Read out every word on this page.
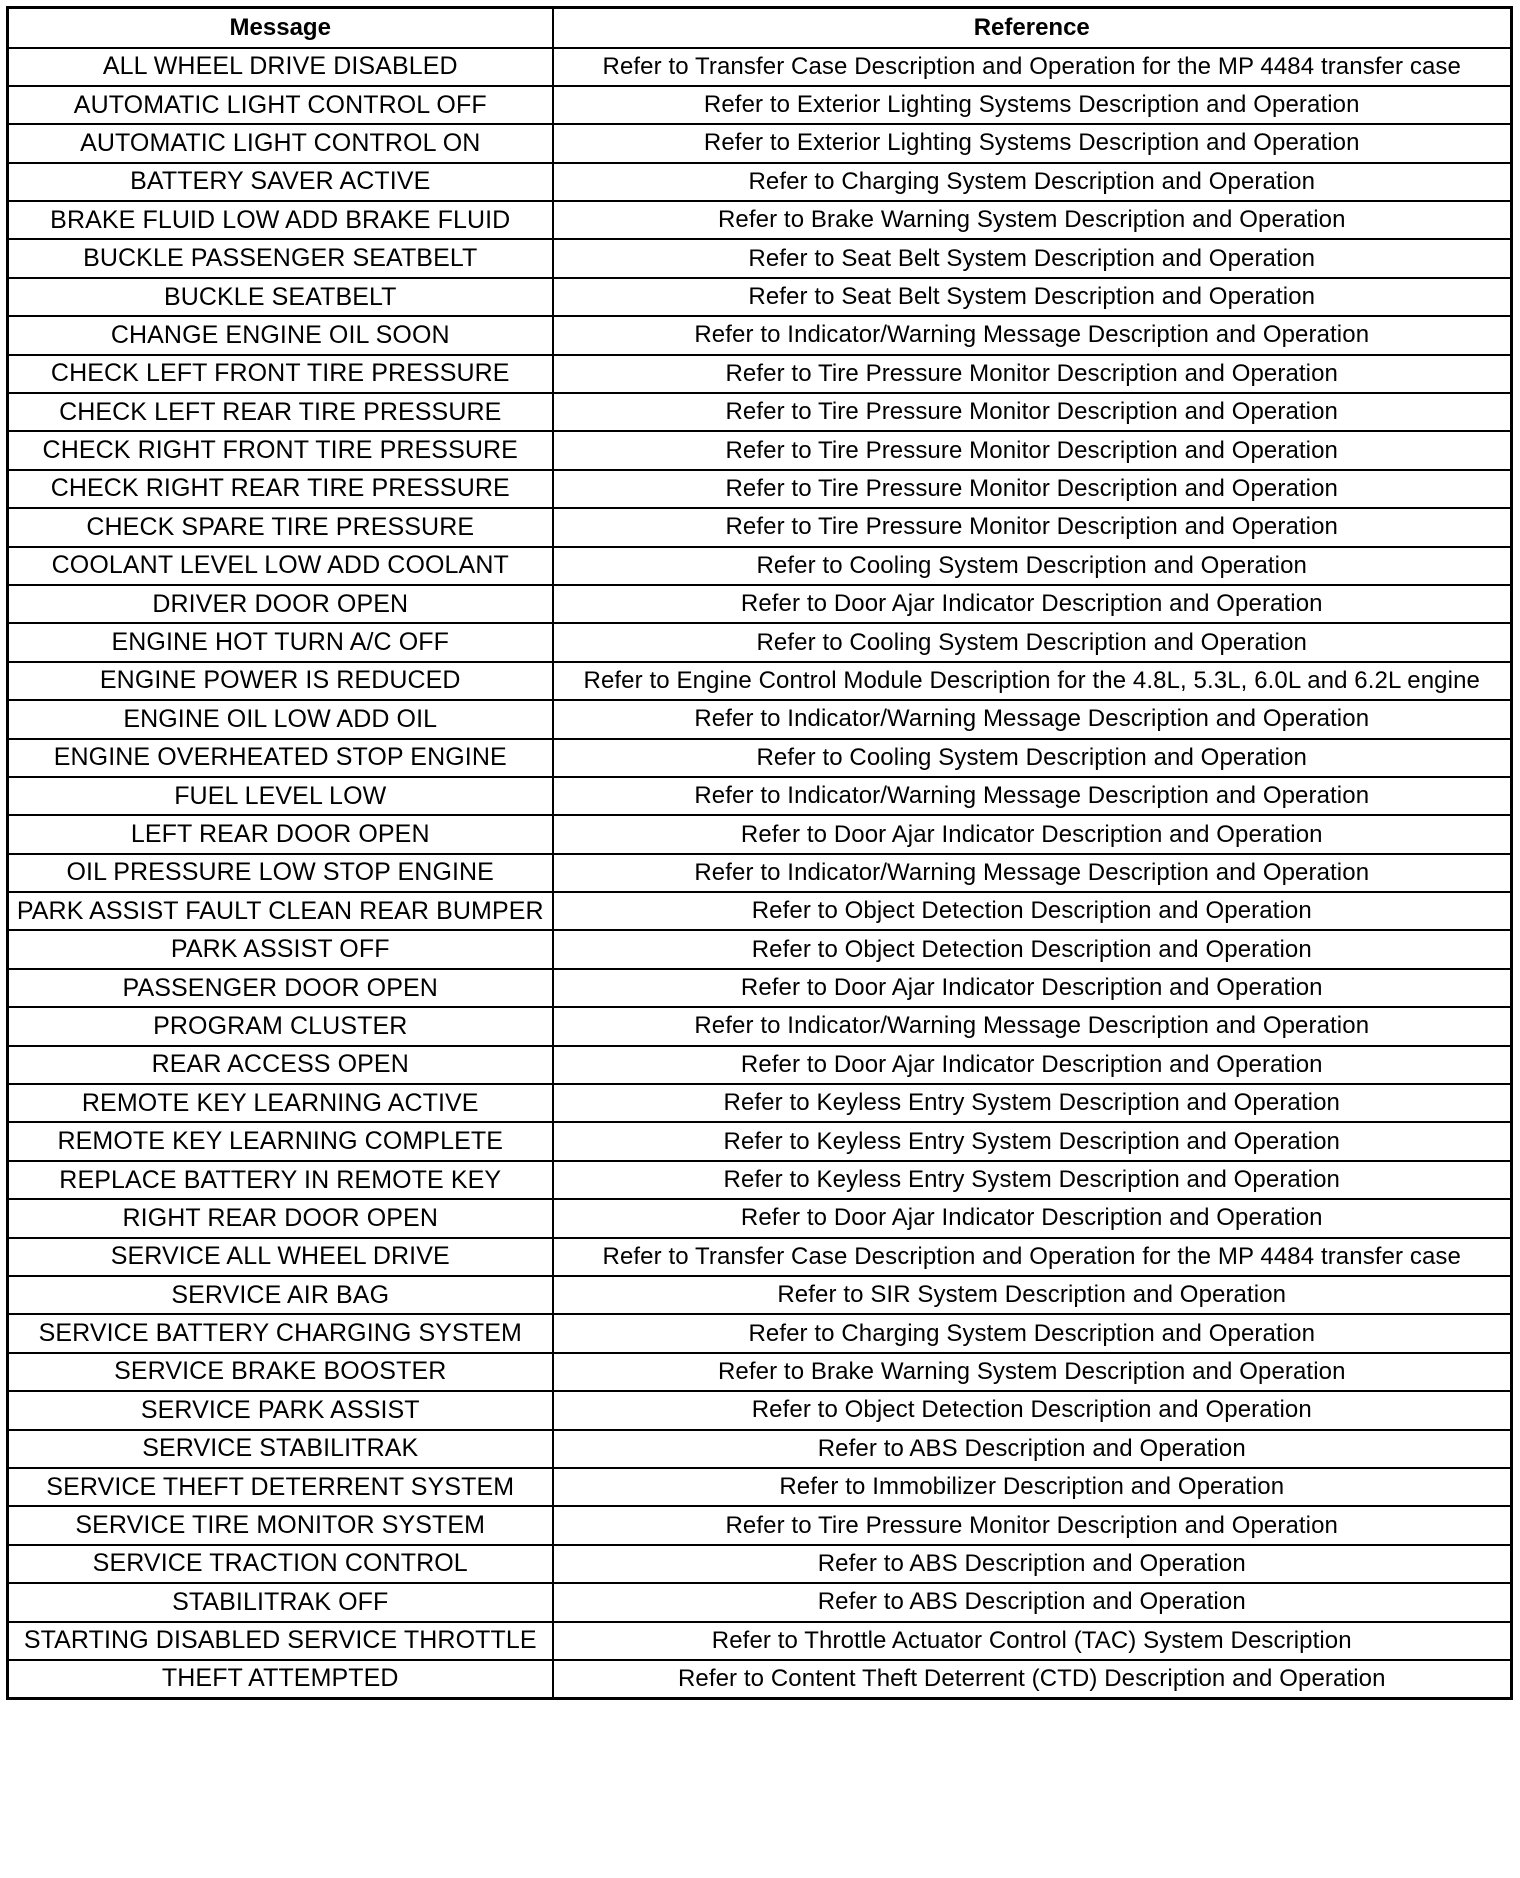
Message	Reference
ALL WHEEL DRIVE DISABLED	Refer to Transfer Case Description and Operation for the MP 4484 transfer case
AUTOMATIC LIGHT CONTROL OFF	Refer to Exterior Lighting Systems Description and Operation
AUTOMATIC LIGHT CONTROL ON	Refer to Exterior Lighting Systems Description and Operation
BATTERY SAVER ACTIVE	Refer to Charging System Description and Operation
BRAKE FLUID LOW ADD BRAKE FLUID	Refer to Brake Warning System Description and Operation
BUCKLE PASSENGER SEATBELT	Refer to Seat Belt System Description and Operation
BUCKLE SEATBELT	Refer to Seat Belt System Description and Operation
CHANGE ENGINE OIL SOON	Refer to Indicator/Warning Message Description and Operation
CHECK LEFT FRONT TIRE PRESSURE	Refer to Tire Pressure Monitor Description and Operation
CHECK LEFT REAR TIRE PRESSURE	Refer to Tire Pressure Monitor Description and Operation
CHECK RIGHT FRONT TIRE PRESSURE	Refer to Tire Pressure Monitor Description and Operation
CHECK RIGHT REAR TIRE PRESSURE	Refer to Tire Pressure Monitor Description and Operation
CHECK SPARE TIRE PRESSURE	Refer to Tire Pressure Monitor Description and Operation
COOLANT LEVEL LOW ADD COOLANT	Refer to Cooling System Description and Operation
DRIVER DOOR OPEN	Refer to Door Ajar Indicator Description and Operation
ENGINE HOT TURN A/C OFF	Refer to Cooling System Description and Operation
ENGINE POWER IS REDUCED	Refer to Engine Control Module Description for the 4.8L, 5.3L, 6.0L and 6.2L engine
ENGINE OIL LOW ADD OIL	Refer to Indicator/Warning Message Description and Operation
ENGINE OVERHEATED STOP ENGINE	Refer to Cooling System Description and Operation
FUEL LEVEL LOW	Refer to Indicator/Warning Message Description and Operation
LEFT REAR DOOR OPEN	Refer to Door Ajar Indicator Description and Operation
OIL PRESSURE LOW STOP ENGINE	Refer to Indicator/Warning Message Description and Operation
PARK ASSIST FAULT CLEAN REAR BUMPER	Refer to Object Detection Description and Operation
PARK ASSIST OFF	Refer to Object Detection Description and Operation
PASSENGER DOOR OPEN	Refer to Door Ajar Indicator Description and Operation
PROGRAM CLUSTER	Refer to Indicator/Warning Message Description and Operation
REAR ACCESS OPEN	Refer to Door Ajar Indicator Description and Operation
REMOTE KEY LEARNING ACTIVE	Refer to Keyless Entry System Description and Operation
REMOTE KEY LEARNING COMPLETE	Refer to Keyless Entry System Description and Operation
REPLACE BATTERY IN REMOTE KEY	Refer to Keyless Entry System Description and Operation
RIGHT REAR DOOR OPEN	Refer to Door Ajar Indicator Description and Operation
SERVICE ALL WHEEL DRIVE	Refer to Transfer Case Description and Operation for the MP 4484 transfer case
SERVICE AIR BAG	Refer to SIR System Description and Operation
SERVICE BATTERY CHARGING SYSTEM	Refer to Charging System Description and Operation
SERVICE BRAKE BOOSTER	Refer to Brake Warning System Description and Operation
SERVICE PARK ASSIST	Refer to Object Detection Description and Operation
SERVICE STABILITRAK	Refer to ABS Description and Operation
SERVICE THEFT DETERRENT SYSTEM	Refer to Immobilizer Description and Operation
SERVICE TIRE MONITOR SYSTEM	Refer to Tire Pressure Monitor Description and Operation
SERVICE TRACTION CONTROL	Refer to ABS Description and Operation
STABILITRAK OFF	Refer to ABS Description and Operation
STARTING DISABLED SERVICE THROTTLE	Refer to Throttle Actuator Control (TAC) System Description
THEFT ATTEMPTED	Refer to Content Theft Deterrent (CTD) Description and Operation
